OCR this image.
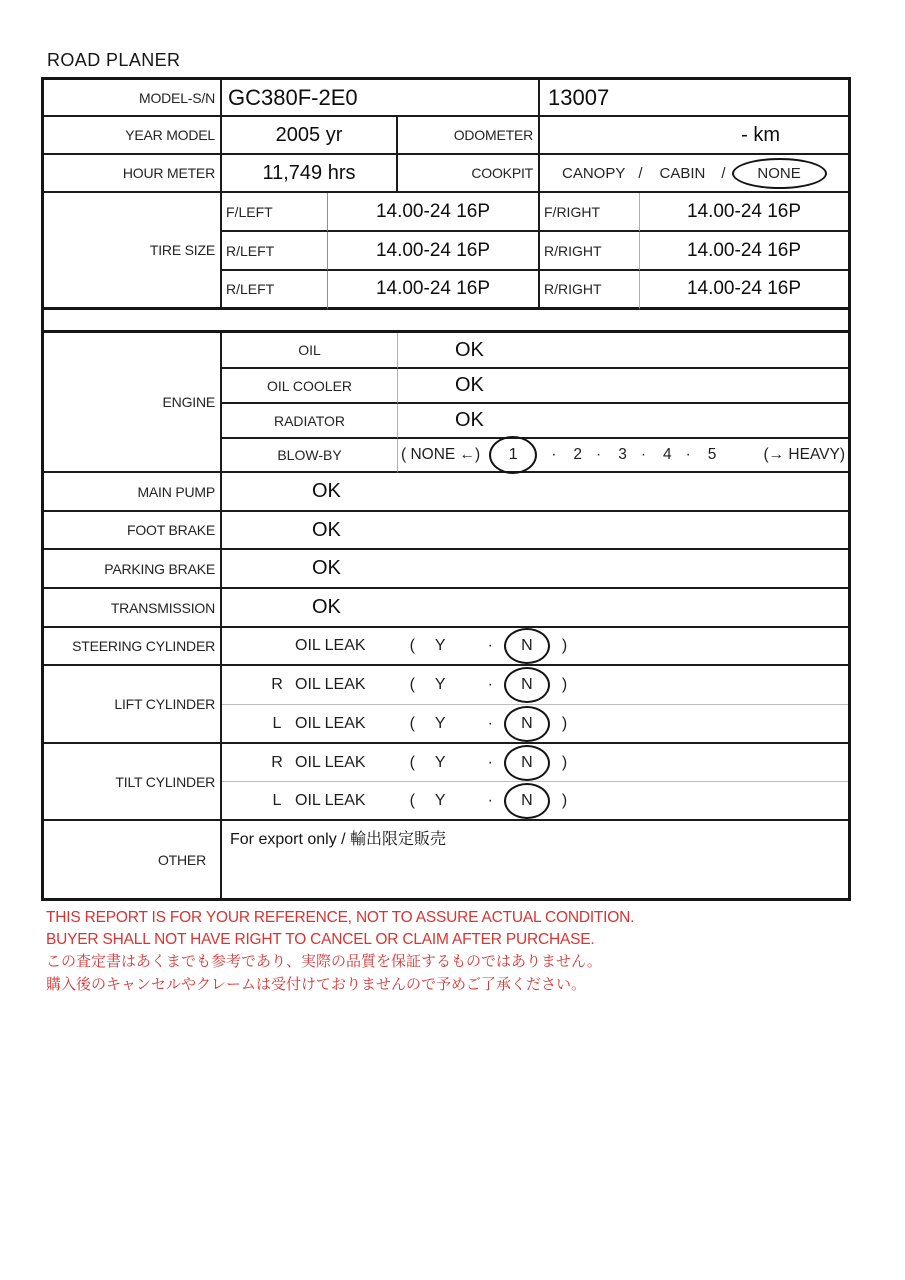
ROAD PLANER
MODEL-S/N GC380F-2E0	13007
YEAR MODEL	2005 yr	ODOMETER	- km
HOUR METER	11,749 hrs	COOKPIT	CANOPY / CABIN / NONE
TIRE SIZE
F/LEFT	14.00-24 16P	F/RIGHT	14.00-24 16P
R/LEFT	14.00-24 16P	R/RIGHT	14.00-24 16P
R/LEFT	14.00-24 16P	R/RIGHT	14.00-24 16P
ENGINE
OIL	OK
OIL COOLER	OK
RADIATOR	OK
BLOW-BY	( NONE ←) 1 · 2 · 3 · 4 · 5	(→ HEAVY)
MAIN PUMP	OK
FOOT BRAKE	OK
PARKING BRAKE	OK
TRANSMISSION	OK
STEERING CYLINDER	OIL LEAK	( Y	· N )
LIFT CYLINDER
R OIL LEAK	( Y	· N )
L OIL LEAK	( Y	· N )
TILT CYLINDER
R OIL LEAK	( Y	· N )
L OIL LEAK	( Y	· N )
OTHER
For export only / 輸出限定販売
THIS REPORT IS FOR YOUR REFERENCE, NOT TO ASSURE ACTUAL CONDITION.
BUYER SHALL NOT HAVE RIGHT TO CANCEL OR CLAIM AFTER PURCHASE.
この査定書はあくまでも参考であり、実際の品質を保証するものではありません。
購入後のキャンセルやクレームは受付けておりませんので予めご了承ください。
